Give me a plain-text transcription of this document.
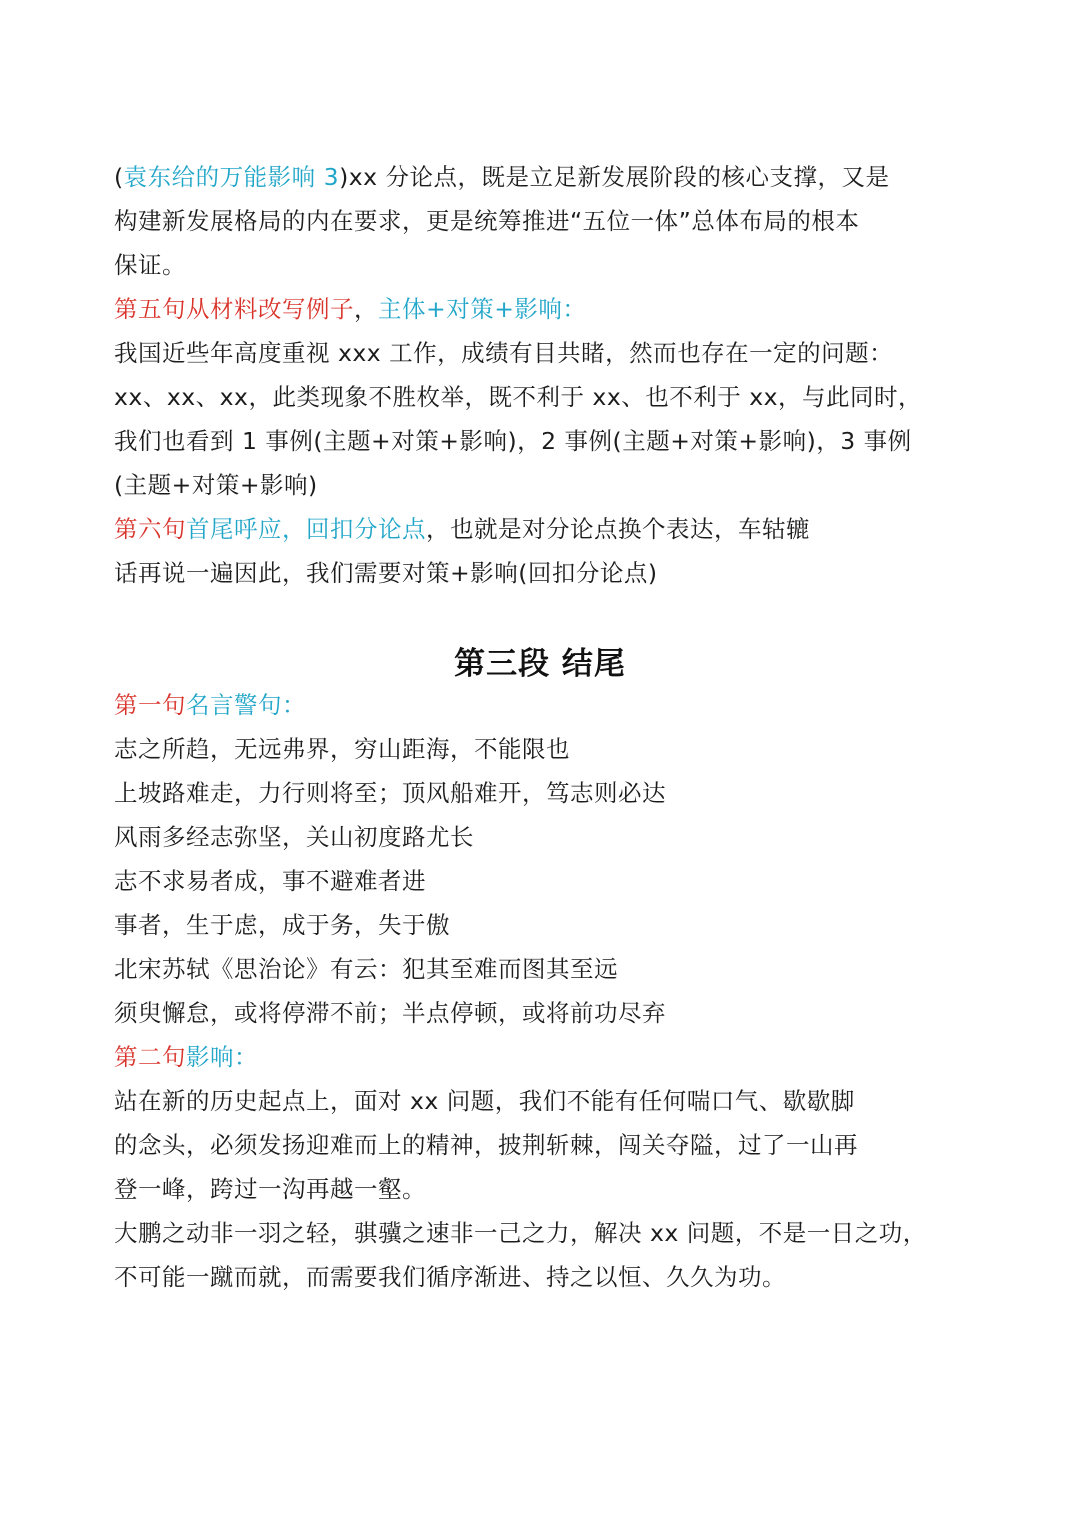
(袁东给的万能影响 3)xx 分论点，既是立足新发展阶段的核心支撑，又是
构建新发展格局的内在要求，更是统筹推进“五位一体”总体布局的根本
保证。
第五句从材料改写例子，主体+对策+影响：
我国近些年高度重视 xxx 工作，成绩有目共睹，然而也存在一定的问题：
xx、xx、xx，此类现象不胜枚举，既不利于 xx、也不利于 xx，与此同时，
我们也看到 1 事例(主题+对策+影响)，2 事例(主题+对策+影响)，3 事例
(主题+对策+影响)
第六句首尾呼应，回扣分论点，也就是对分论点换个表达，车轱辘
话再说一遍因此，我们需要对策+影响(回扣分论点)
第三段 结尾
第一句名言警句：
志之所趋，无远弗界，穷山距海，不能限也
上坡路难走，力行则将至；顶风船难开，笃志则必达
风雨多经志弥坚，关山初度路尤长
志不求易者成，事不避难者进
事者，生于虑，成于务，失于傲
北宋苏轼《思治论》有云：犯其至难而图其至远
须臾懈怠，或将停滞不前；半点停顿，或将前功尽弃
第二句影响：
站在新的历史起点上，面对 xx 问题，我们不能有任何喘口气、歇歇脚
的念头，必须发扬迎难而上的精神，披荆斩棘，闯关夺隘，过了一山再
登一峰，跨过一沟再越一壑。
大鹏之动非一羽之轻，骐骥之速非一己之力，解决 xx 问题，不是一日之功，
不可能一蹴而就，而需要我们循序渐进、持之以恒、久久为功。
